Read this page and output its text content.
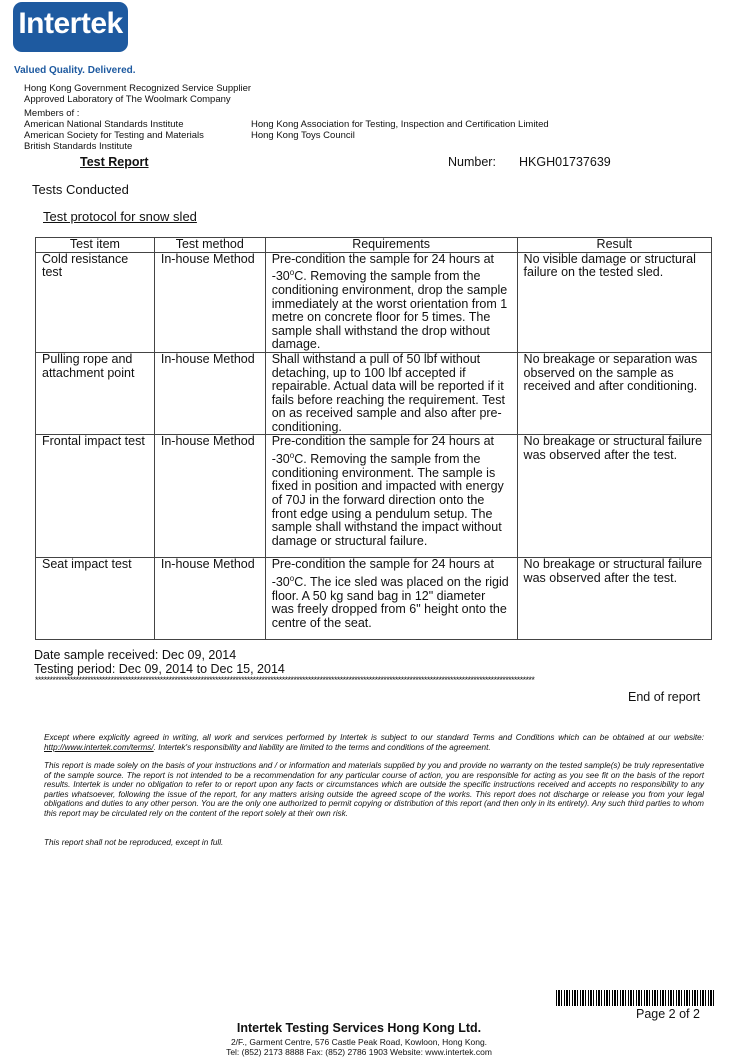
Intertek
Valued Quality. Delivered.
Hong Kong Government Recognized Service Supplier
Approved Laboratory of The Woolmark Company
Members of :
American National Standards Institute
American Society for Testing and Materials
British Standards Institute
Hong Kong Association for Testing, Inspection and Certification Limited
Hong Kong Toys Council
Test Report	Number: HKGH01737639
Tests Conducted
Test protocol for snow sled
Test item	Test method	Requirements	Result
Cold resistance test	In-house Method	Pre-condition the sample for 24 hours at -30$^o$C. Removing the sample from the conditioning environment, drop the sample immediately at the worst orientation from 1 metre on concrete floor for 5 times. The sample shall withstand the drop without damage.	No visible damage or structural failure on the tested sled.
Pulling rope and attachment point	In-house Method	Shall withstand a pull of 50 lbf without detaching, up to 100 lbf accepted if repairable. Actual data will be reported if it fails before reaching the requirement. Test on as received sample and also after pre-conditioning.	No breakage or separation was observed on the sample as received and after conditioning.
Frontal impact test	In-house Method	Pre-condition the sample for 24 hours at -30$^o$C. Removing the sample from the conditioning environment. The sample is fixed in position and impacted with energy of 70J in the forward direction onto the front edge using a pendulum setup. The sample shall withstand the impact without damage or structural failure.	No breakage or structural failure was observed after the test.
Seat impact test	In-house Method	Pre-condition the sample for 24 hours at -30$^o$C. The ice sled was placed on the rigid floor. A 50 kg sand bag in 12" diameter was freely dropped from 6" height onto the centre of the seat.	No breakage or structural failure was observed after the test.
Date sample received: Dec 09, 2014
Testing period: Dec 09, 2014 to Dec 15, 2014
****************************************************************************************************************************************************************************
End of report
Except where explicitly agreed in writing, all work and services performed by Intertek is subject to our standard Terms and Conditions which can be obtained at our website: http://www.intertek.com/terms/. Intertek's responsibility and liability are limited to the terms and conditions of the agreement.
This report is made solely on the basis of your instructions and / or information and materials supplied by you and provide no warranty on the tested sample(s) be truly representative of the sample source. The report is not intended to be a recommendation for any particular course of action, you are responsible for acting as you see fit on the basis of the report results. Intertek is under no obligation to refer to or report upon any facts or circumstances which are outside the specific instructions received and accepts no responsibility to any parties whatsoever, following the issue of the report, for any matters arising outside the agreed scope of the works. This report does not discharge or release you from your legal obligations and duties to any other person. You are the only one authorized to permit copying or distribution of this report (and then only in its entirety). Any such third parties to whom this report may be circulated rely on the content of the report solely at their own risk.
This report shall not be reproduced, except in full.
Page 2 of 2
Intertek Testing Services Hong Kong Ltd.
2/F., Garment Centre, 576 Castle Peak Road, Kowloon, Hong Kong.
Tel: (852) 2173 8888 Fax: (852) 2786 1903 Website: www.intertek.com
